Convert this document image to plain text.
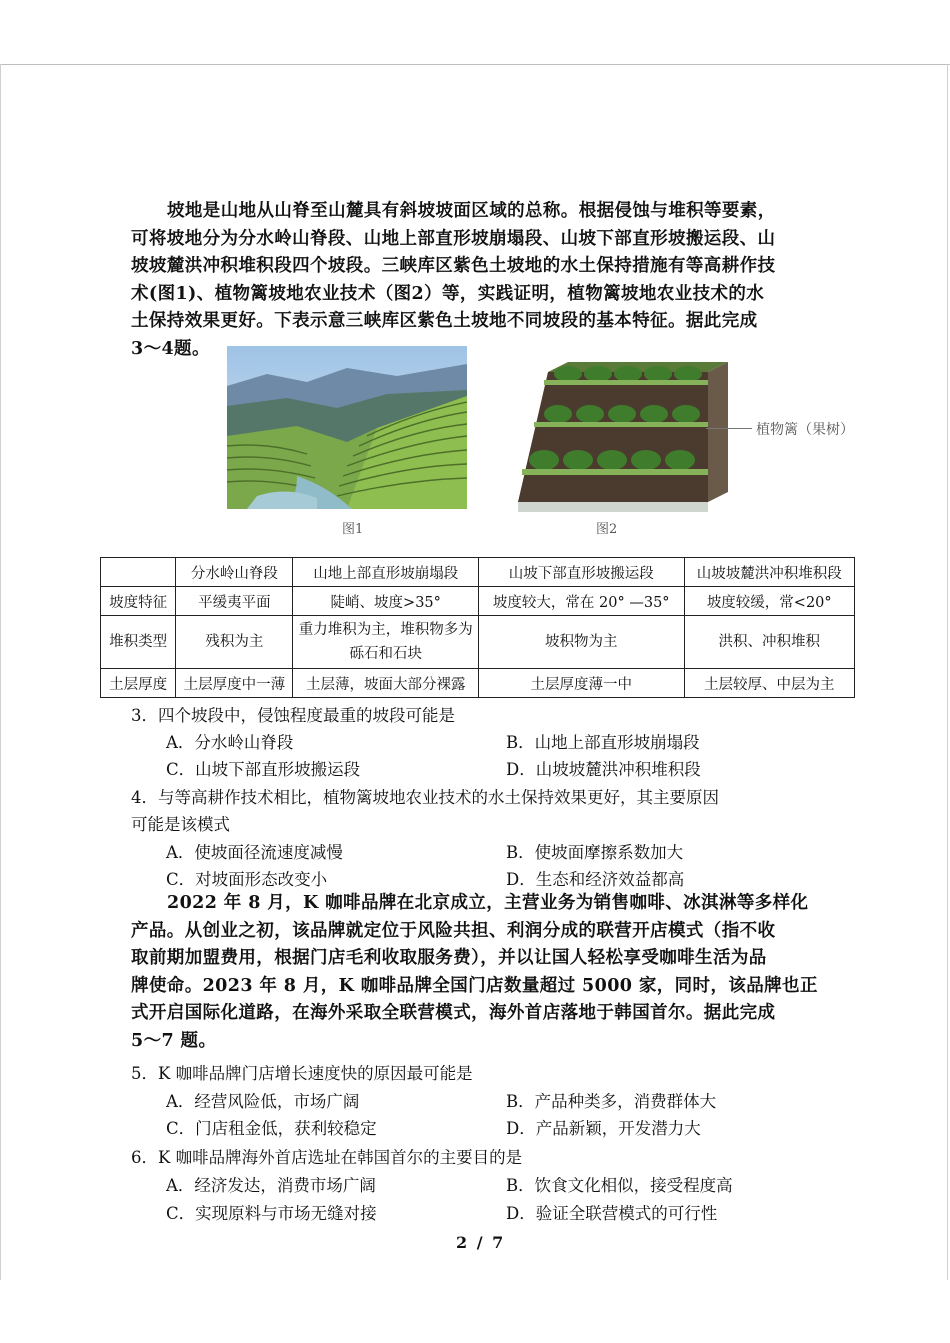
坡地是山地从山脊至山麓具有斜坡坡面区域的总称。根据侵蚀与堆积等要素，

可将坡地分为分水岭山脊段、山地上部直形坡崩塌段、山坡下部直形坡搬运段、山

坡坡麓洪冲积堆积段四个坡段。三峡库区紫色土坡地的水土保持措施有等高耕作技

术(图1)、植物篱坡地农业技术（图2）等，实践证明，植物篱坡地农业技术的水

土保持效果更好。下表示意三峡库区紫色土坡地不同坡段的基本特征。据此完成

3～4题。

图1
植物篱（果树）
图2
	分水岭山脊段	山地上部直形坡崩塌段	山坡下部直形坡搬运段	山坡坡麓洪冲积堆积段
坡度特征	平缓夷平面	陡峭、坡度>35°	坡度较大，常在 20° —35°	坡度较缓，常<20°
堆积类型	残积为主	重力堆积为主，堆积物多为砾石和石块	坡积物为主	洪积、冲积堆积
土层厚度	土层厚度中一薄	土层薄，坡面大部分裸露	土层厚度薄一中	土层较厚、中层为主
3．四个坡段中，侵蚀程度最重的坡段可能是
A．分水岭山脊段	B．山地上部直形坡崩塌段
C．山坡下部直形坡搬运段	D．山坡坡麓洪冲积堆积段
4．与等高耕作技术相比，植物篱坡地农业技术的水土保持效果更好，其主要原因
可能是该模式
A．使坡面径流速度减慢	B．使坡面摩擦系数加大
C．对坡面形态改变小	D．生态和经济效益都高

2022 年 8 月，K 咖啡品牌在北京成立，主营业务为销售咖啡、冰淇淋等多样化

产品。从创业之初，该品牌就定位于风险共担、利润分成的联营开店模式（指不收

取前期加盟费用，根据门店毛利收取服务费），并以让国人轻松享受咖啡生活为品

牌使命。2023 年 8 月，K 咖啡品牌全国门店数量超过 5000 家，同时，该品牌也正

式开启国际化道路，在海外采取全联营模式，海外首店落地于韩国首尔。据此完成

5～7 题。

5．K 咖啡品牌门店增长速度快的原因最可能是
A．经营风险低，市场广阔	B．产品种类多，消费群体大
C．门店租金低，获利较稳定	D．产品新颖，开发潜力大
6．K 咖啡品牌海外首店选址在韩国首尔的主要目的是
A．经济发达，消费市场广阔	B．饮食文化相似，接受程度高
C．实现原料与市场无缝对接	D．验证全联营模式的可行性
2 / 7
